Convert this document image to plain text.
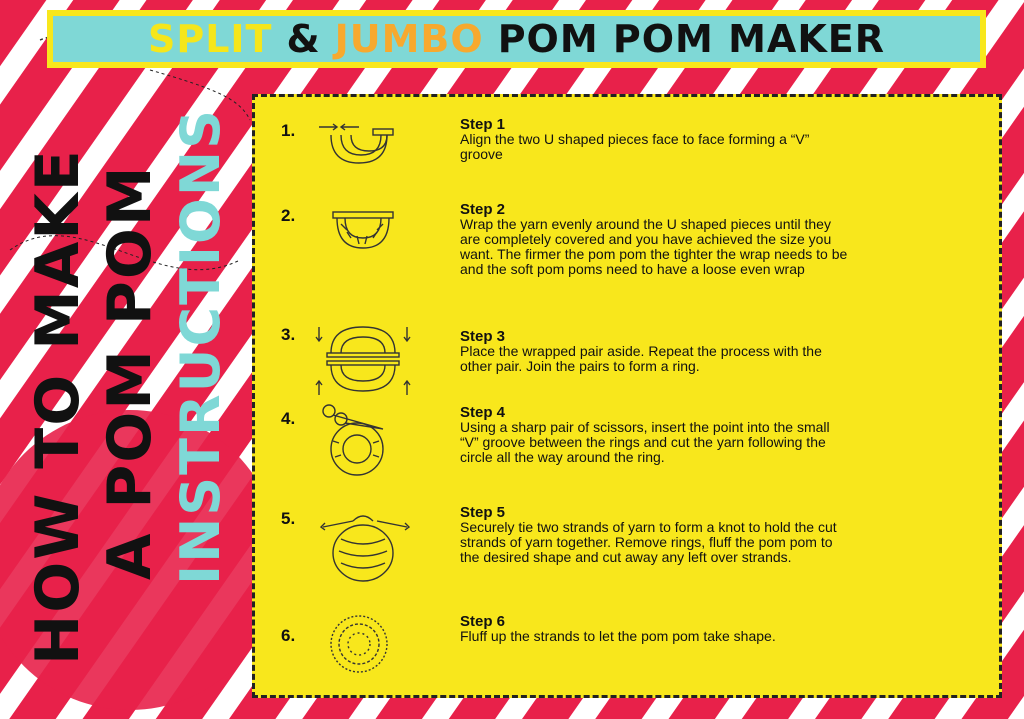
SPLIT & JUMBO POM POM MAKER
HOW TO MAKE A POM POM INSTRUCTIONS	1.	Step 1
Align the two U shaped pieces face to face forming a “V” groove
2.	Step 2
Wrap the yarn evenly around the U shaped pieces until they are completely covered and you have achieved the size you want. The firmer the pom pom the tighter the wrap needs to be and the soft pom poms need to have a loose even wrap
3.	Step 3
Place the wrapped pair aside. Repeat the process with the other pair. Join the pairs to form a ring.
4.	Step 4
Using a sharp pair of scissors, insert the point into the small “V” groove between the rings and cut the yarn following the circle all the way around the ring.
5.	Step 5
Securely tie two strands of yarn to form a knot to hold the cut strands of yarn together. Remove rings, fluff the pom pom to the desired shape and cut away any left over strands.
6.
Step 6
Fluff up the strands to let the pom pom take shape.
